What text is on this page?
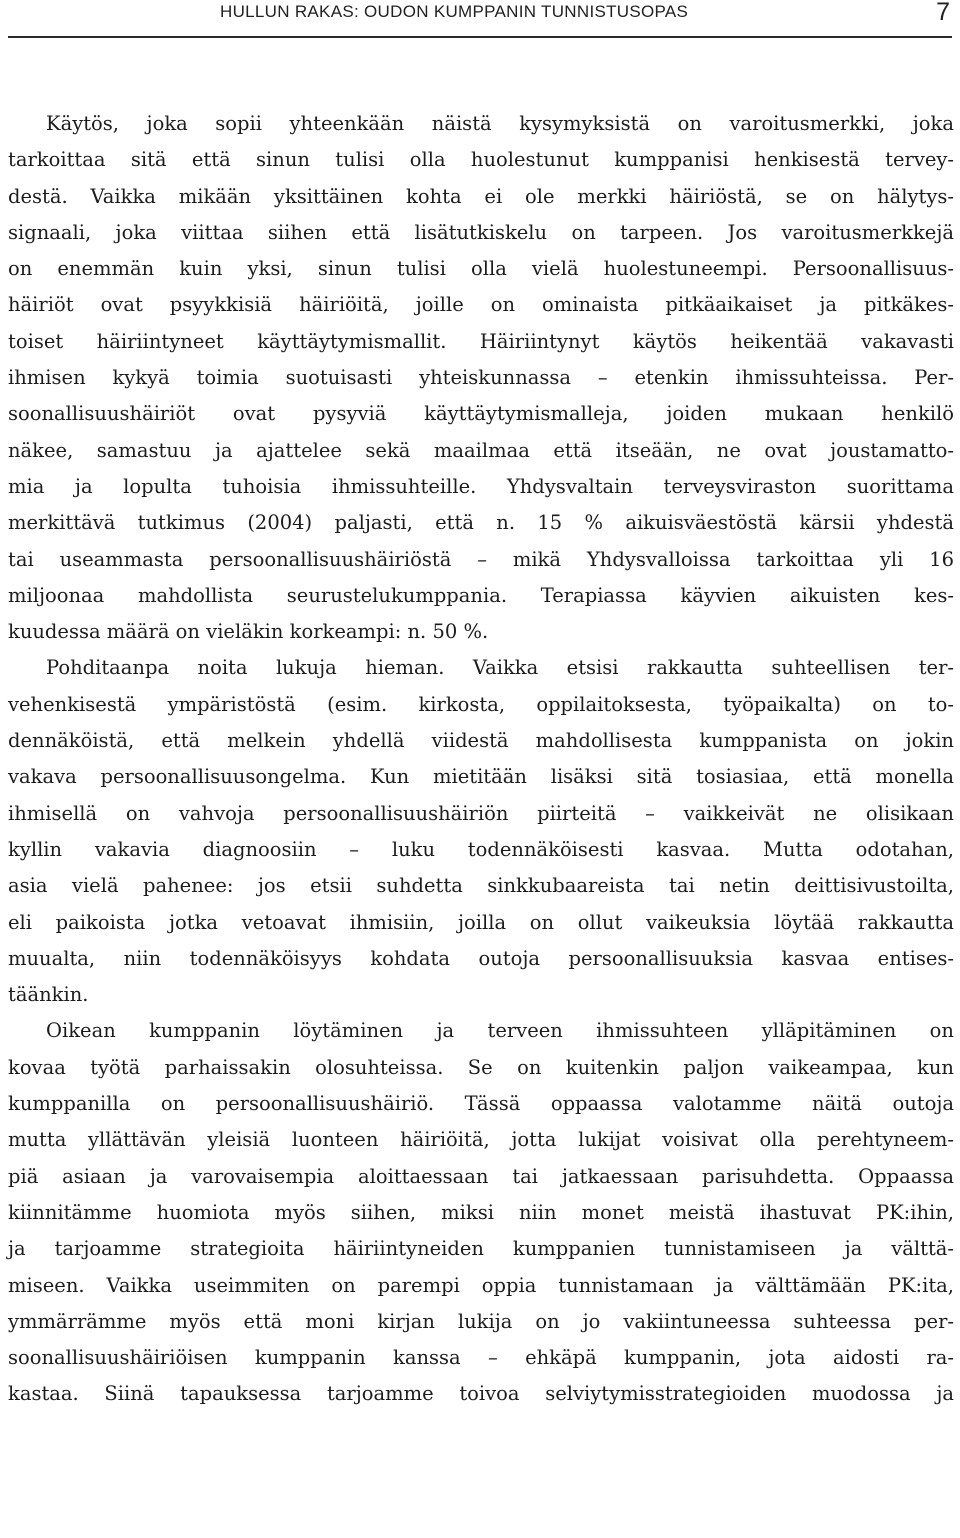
HULLUN RAKAS: OUDON KUMPPANIN TUNNISTUSOPAS	7
Käytös, joka sopii yhteenkään näistä kysymyksistä on varoitusmerkki, joka
tarkoittaa sitä että sinun tulisi olla huolestunut kumppanisi henkisestä tervey-
destä. Vaikka mikään yksittäinen kohta ei ole merkki häiriöstä, se on hälytys-
signaali, joka viittaa siihen että lisätutkiskelu on tarpeen. Jos varoitusmerkkejä
on enemmän kuin yksi, sinun tulisi olla vielä huolestuneempi. Persoonallisuus-
häiriöt ovat psyykkisiä häiriöitä, joille on ominaista pitkäaikaiset ja pitkäkes-
toiset häiriintyneet käyttäytymismallit. Häiriintynyt käytös heikentää vakavasti
ihmisen kykyä toimia suotuisasti yhteiskunnassa – etenkin ihmissuhteissa. Per-
soonallisuushäiriöt ovat pysyviä käyttäytymismalleja, joiden mukaan henkilö
näkee, samastuu ja ajattelee sekä maailmaa että itseään, ne ovat joustamatto-
mia ja lopulta tuhoisia ihmissuhteille. Yhdysvaltain terveysviraston suorittama
merkittävä tutkimus (2004) paljasti, että n. 15 % aikuisväestöstä kärsii yhdestä
tai useammasta persoonallisuushäiriöstä – mikä Yhdysvalloissa tarkoittaa yli 16
miljoonaa mahdollista seurustelukumppania. Terapiassa käyvien aikuisten kes-
kuudessa määrä on vieläkin korkeampi: n. 50 %.
Pohditaanpa noita lukuja hieman. Vaikka etsisi rakkautta suhteellisen ter-
vehenkisestä ympäristöstä (esim. kirkosta, oppilaitoksesta, työpaikalta) on to-
dennäköistä, että melkein yhdellä viidestä mahdollisesta kumppanista on jokin
vakava persoonallisuusongelma. Kun mietitään lisäksi sitä tosiasiaa, että monella
ihmisellä on vahvoja persoonallisuushäiriön piirteitä – vaikkeivät ne olisikaan
kyllin vakavia diagnoosiin – luku todennäköisesti kasvaa. Mutta odotahan,
asia vielä pahenee: jos etsii suhdetta sinkkubaareista tai netin deittisivustoilta,
eli paikoista jotka vetoavat ihmisiin, joilla on ollut vaikeuksia löytää rakkautta
muualta, niin todennäköisyys kohdata outoja persoonallisuuksia kasvaa entises-
täänkin.
Oikean kumppanin löytäminen ja terveen ihmissuhteen ylläpitäminen on
kovaa työtä parhaissakin olosuhteissa. Se on kuitenkin paljon vaikeampaa, kun
kumppanilla on persoonallisuushäiriö. Tässä oppaassa valotamme näitä outoja
mutta yllättävän yleisiä luonteen häiriöitä, jotta lukijat voisivat olla perehtyneem-
piä asiaan ja varovaisempia aloittaessaan tai jatkaessaan parisuhdetta. Oppaassa
kiinnitämme huomiota myös siihen, miksi niin monet meistä ihastuvat PK:ihin,
ja tarjoamme strategioita häiriintyneiden kumppanien tunnistamiseen ja välttä-
miseen. Vaikka useimmiten on parempi oppia tunnistamaan ja välttämään PK:ita,
ymmärrämme myös että moni kirjan lukija on jo vakiintuneessa suhteessa per-
soonallisuushäiriöisen kumppanin kanssa – ehkäpä kumppanin, jota aidosti ra-
kastaa. Siinä tapauksessa tarjoamme toivoa selviytymisstrategioiden muodossa ja
